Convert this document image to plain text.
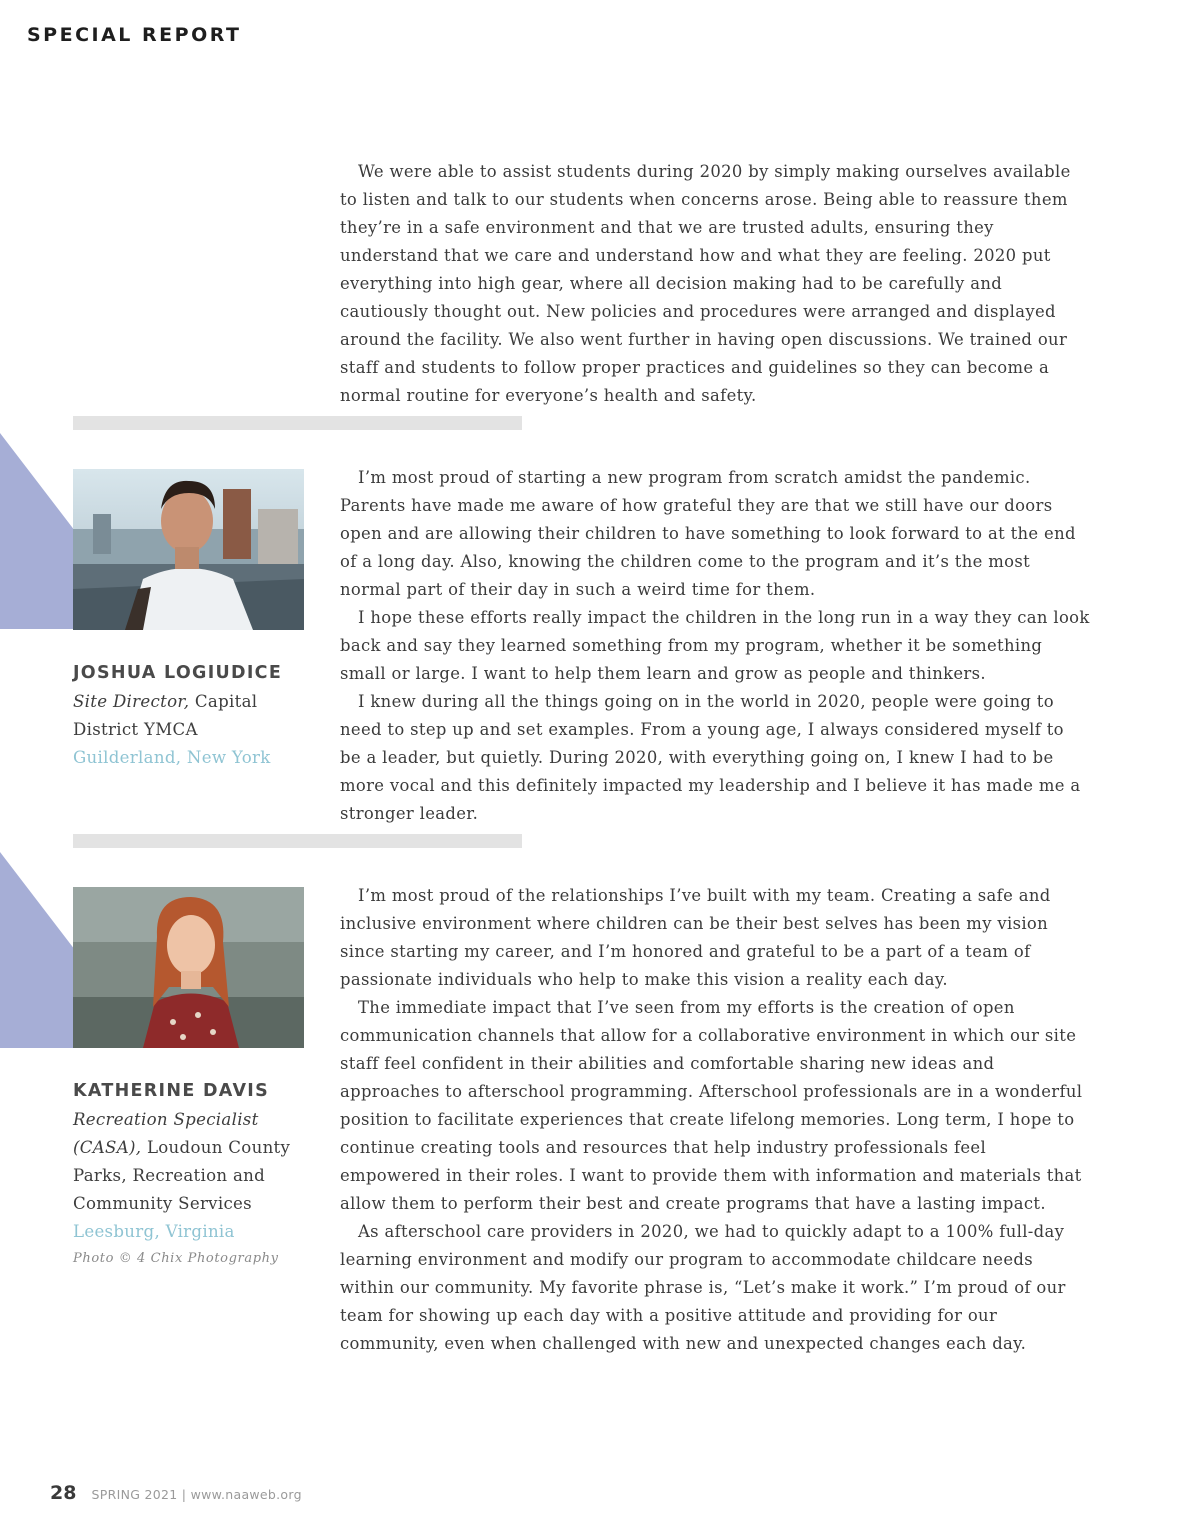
SPECIAL REPORT

We were able to assist students during 2020 by simply making ourselves available to listen and talk to our students when concerns arose. Being able to reassure them they’re in a safe environment and that we are trusted adults, ensuring they understand that we care and understand how and what they are feeling. 2020 put everything into high gear, where all decision making had to be carefully and cautiously thought out. New policies and procedures were arranged and displayed around the facility. We also went further in having open discussions. We trained our staff and students to follow proper practices and guidelines so they can become a normal routine for everyone’s health and safety.

JOSHUA LOGIUDICE
Site Director, Capital District YMCA
Guilderland, New York

I’m most proud of starting a new program from scratch amidst the pandemic. Parents have made me aware of how grateful they are that we still have our doors open and are allowing their children to have something to look forward to at the end of a long day. Also, knowing the children come to the program and it’s the most normal part of their day in such a weird time for them.

I hope these efforts really impact the children in the long run in a way they can look back and say they learned something from my program, whether it be something small or large. I want to help them learn and grow as people and thinkers.

I knew during all the things going on in the world in 2020, people were going to need to step up and set examples. From a young age, I always considered myself to be a leader, but quietly. During 2020, with everything going on, I knew I had to be more vocal and this definitely impacted my leadership and I believe it has made me a stronger leader.

KATHERINE DAVIS
Recreation Specialist (CASA), Loudoun County Parks, Recreation and Community Services
Leesburg, Virginia
Photo © 4 Chix Photography

I’m most proud of the relationships I’ve built with my team. Creating a safe and inclusive environment where children can be their best selves has been my vision since starting my career, and I’m honored and grateful to be a part of a team of passionate individuals who help to make this vision a reality each day.

The immediate impact that I’ve seen from my efforts is the creation of open communication channels that allow for a collaborative environment in which our site staff feel confident in their abilities and comfortable sharing new ideas and approaches to afterschool programming. Afterschool professionals are in a wonderful position to facilitate experiences that create lifelong memories. Long term, I hope to continue creating tools and resources that help industry professionals feel empowered in their roles. I want to provide them with information and materials that allow them to perform their best and create programs that have a lasting impact.

As afterschool care providers in 2020, we had to quickly adapt to a 100% full-day learning environment and modify our program to accommodate childcare needs within our community. My favorite phrase is, “Let’s make it work.” I’m proud of our team for showing up each day with a positive attitude and providing for our community, even when challenged with new and unexpected changes each day.

28 SPRING 2021 | www.naaweb.org
